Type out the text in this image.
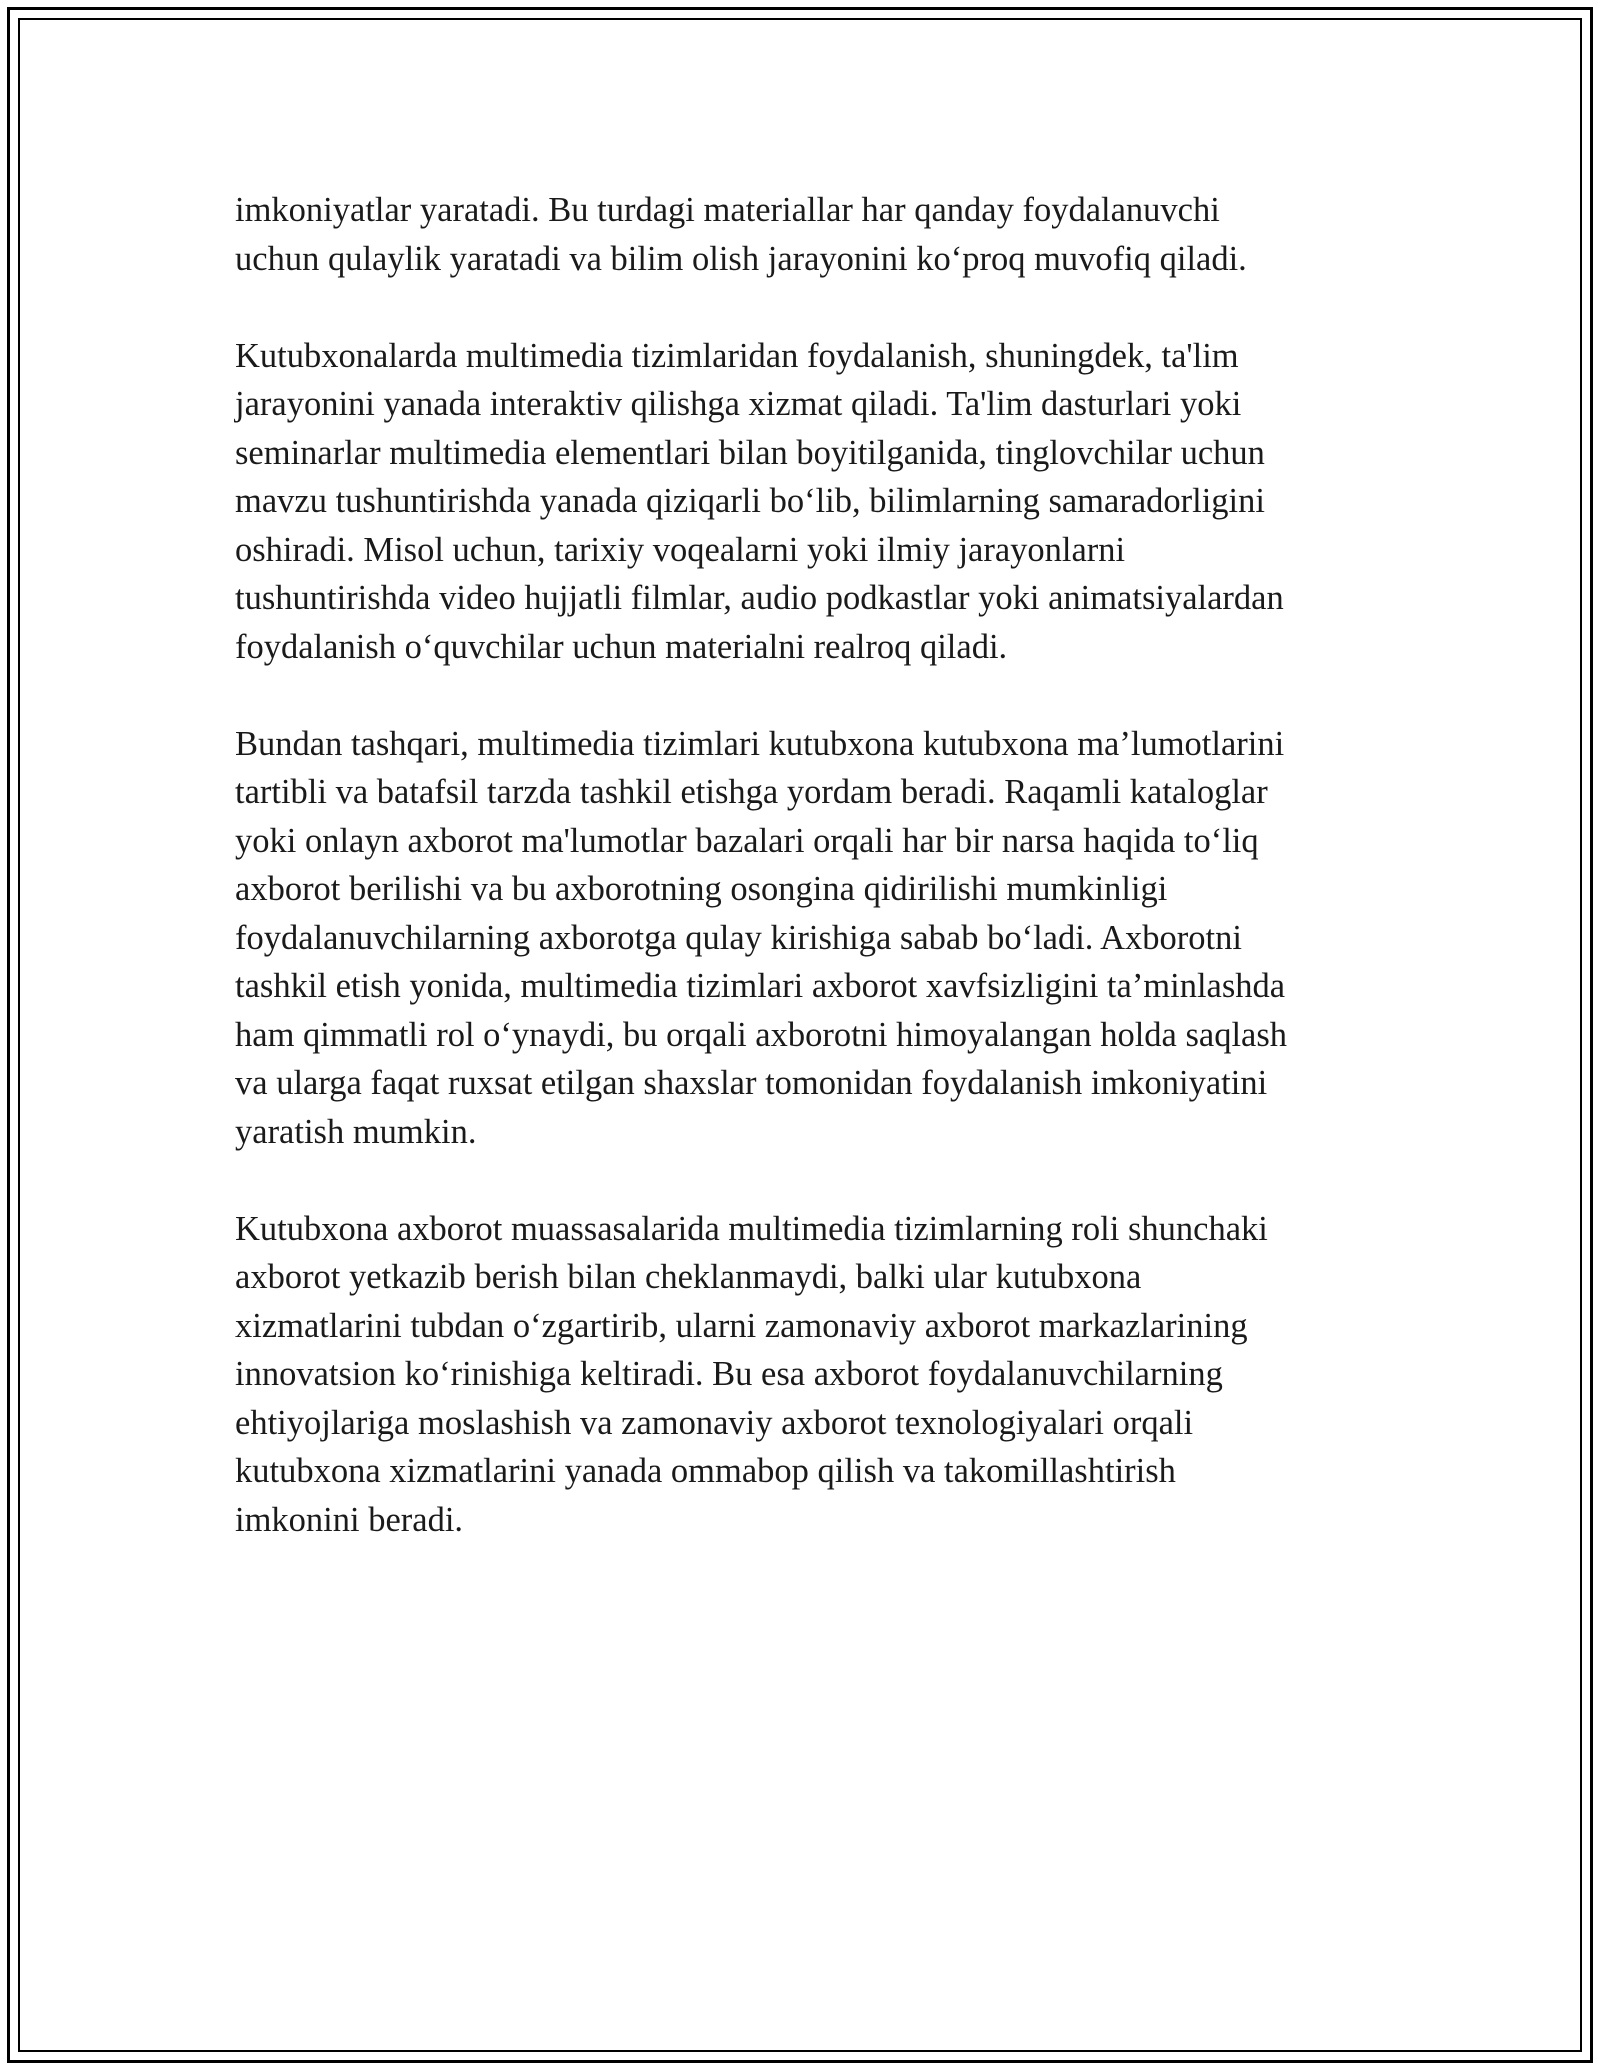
imkoniyatlar yaratadi. Bu turdagi materiallar har qanday foydalanuvchi
uchun qulaylik yaratadi va bilim olish jarayonini koʻproq muvofiq qiladi.

Kutubxonalarda multimedia tizimlaridan foydalanish, shuningdek, ta'lim
jarayonini yanada interaktiv qilishga xizmat qiladi. Ta'lim dasturlari yoki
seminarlar multimedia elementlari bilan boyitilganida, tinglovchilar uchun
mavzu tushuntirishda yanada qiziqarli boʻlib, bilimlarning samaradorligini
oshiradi. Misol uchun, tarixiy voqealarni yoki ilmiy jarayonlarni
tushuntirishda video hujjatli filmlar, audio podkastlar yoki animatsiyalardan
foydalanish oʻquvchilar uchun materialni realroq qiladi.

Bundan tashqari, multimedia tizimlari kutubxona kutubxona ma’lumotlarini
tartibli va batafsil tarzda tashkil etishga yordam beradi. Raqamli kataloglar
yoki onlayn axborot ma'lumotlar bazalari orqali har bir narsa haqida toʻliq
axborot berilishi va bu axborotning osongina qidirilishi mumkinligi
foydalanuvchilarning axborotga qulay kirishiga sabab boʻladi. Axborotni
tashkil etish yonida, multimedia tizimlari axborot xavfsizligini ta’minlashda
ham qimmatli rol oʻynaydi, bu orqali axborotni himoyalangan holda saqlash
va ularga faqat ruxsat etilgan shaxslar tomonidan foydalanish imkoniyatini
yaratish mumkin.

Kutubxona axborot muassasalarida multimedia tizimlarning roli shunchaki
axborot yetkazib berish bilan cheklanmaydi, balki ular kutubxona
xizmatlarini tubdan oʻzgartirib, ularni zamonaviy axborot markazlarining
innovatsion koʻrinishiga keltiradi. Bu esa axborot foydalanuvchilarning
ehtiyojlariga moslashish va zamonaviy axborot texnologiyalari orqali
kutubxona xizmatlarini yanada ommabop qilish va takomillashtirish
imkonini beradi.
